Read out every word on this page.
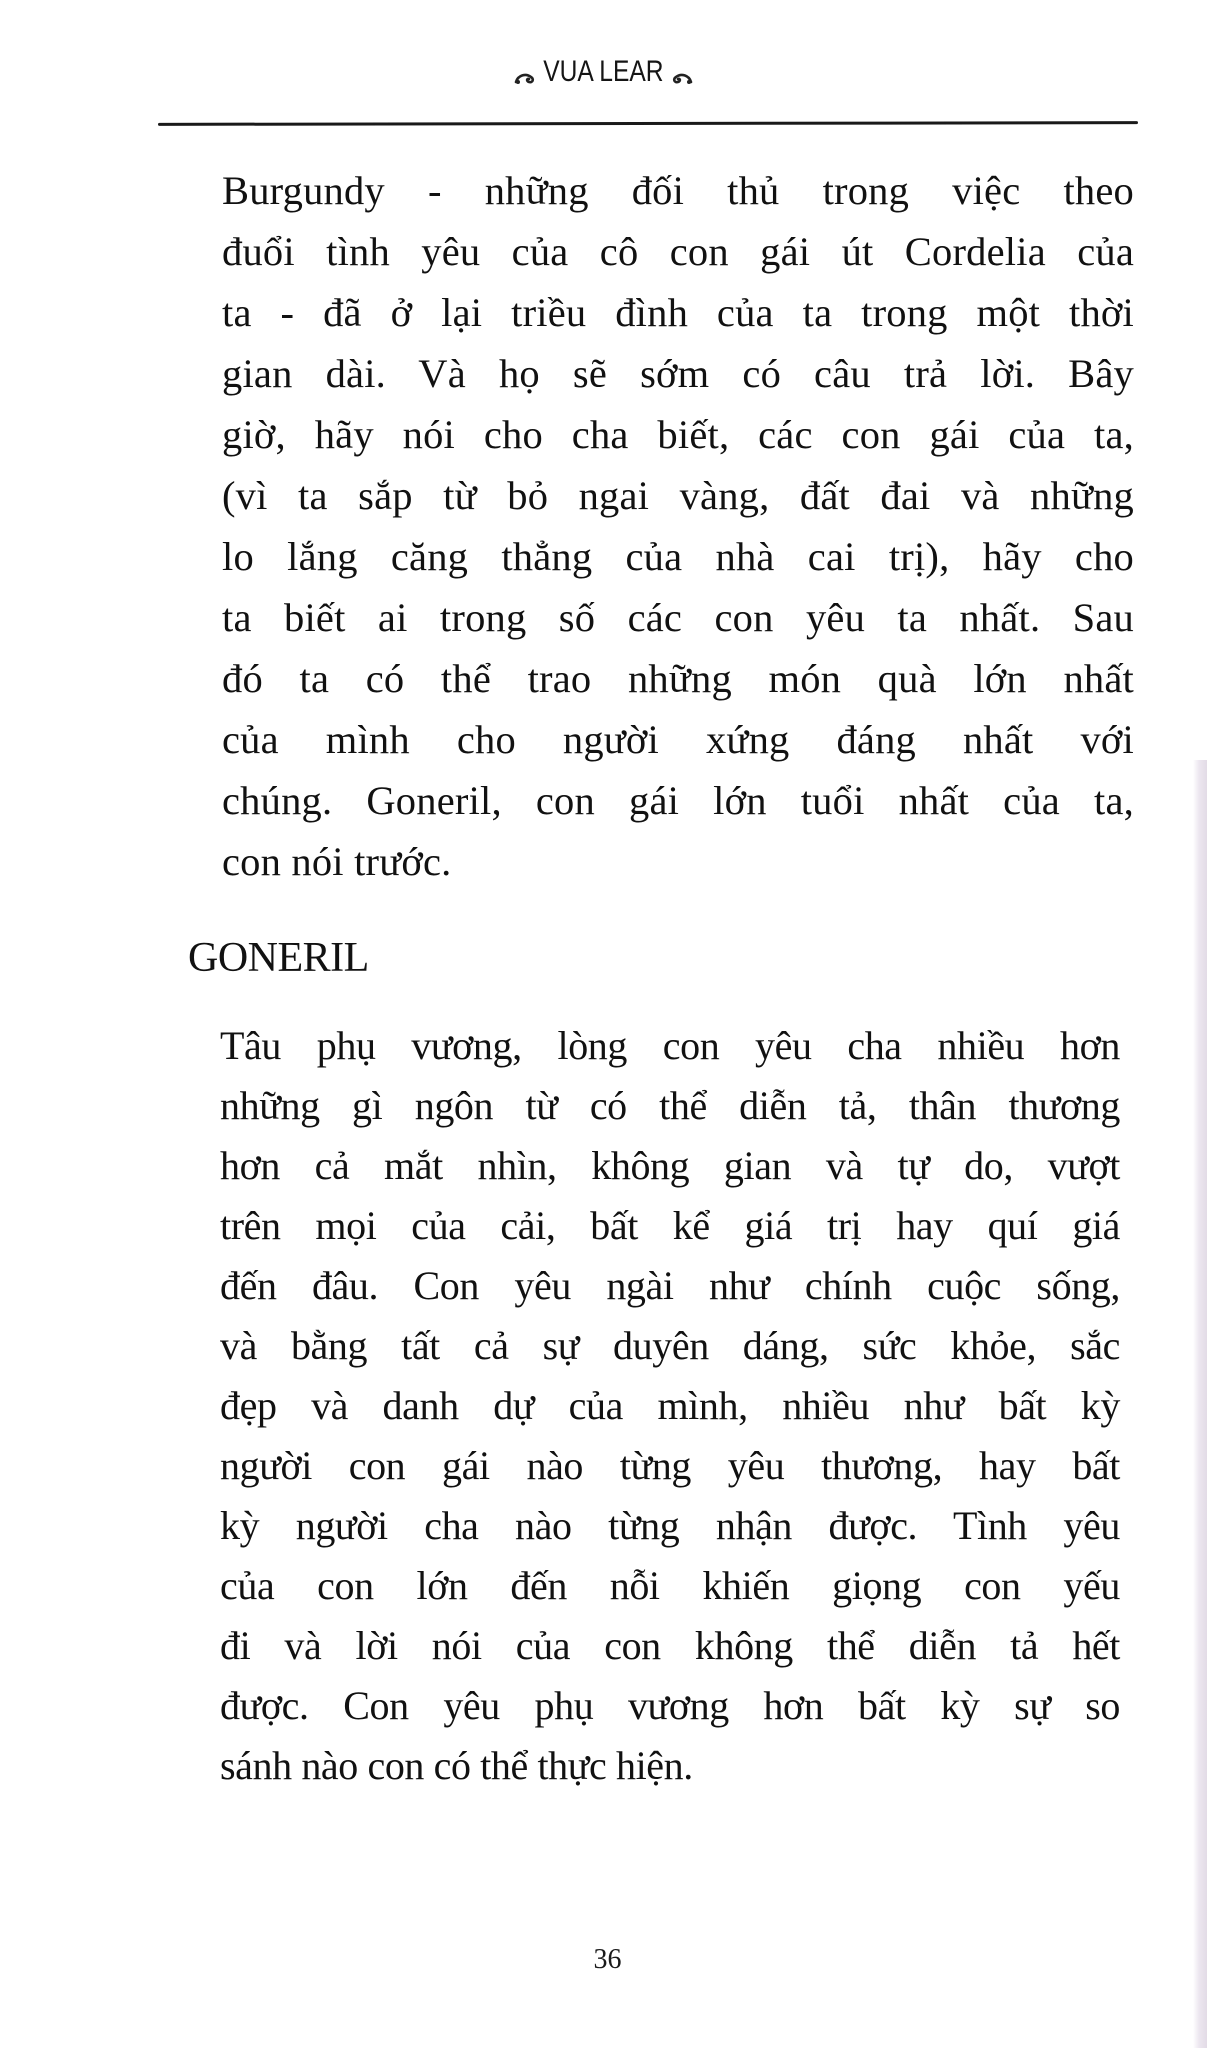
VUA LEAR
Burgundy - những đối thủ trong việc theo
đuổi tình yêu của cô con gái út Cordelia của
ta - đã ở lại triều đình của ta trong một thời
gian dài. Và họ sẽ sớm có câu trả lời. Bây
giờ, hãy nói cho cha biết, các con gái của ta,
(vì ta sắp từ bỏ ngai vàng, đất đai và những
lo lắng căng thẳng của nhà cai trị), hãy cho
ta biết ai trong số các con yêu ta nhất. Sau
đó ta có thể trao những món quà lớn nhất
của mình cho người xứng đáng nhất với
chúng. Goneril, con gái lớn tuổi nhất của ta,
con nói trước.
GONERIL
Tâu phụ vương, lòng con yêu cha nhiều hơn
những gì ngôn từ có thể diễn tả, thân thương
hơn cả mắt nhìn, không gian và tự do, vượt
trên mọi của cải, bất kể giá trị hay quí giá
đến đâu. Con yêu ngài như chính cuộc sống,
và bằng tất cả sự duyên dáng, sức khỏe, sắc
đẹp và danh dự của mình, nhiều như bất kỳ
người con gái nào từng yêu thương, hay bất
kỳ người cha nào từng nhận được. Tình yêu
của con lớn đến nỗi khiến giọng con yếu
đi và lời nói của con không thể diễn tả hết
được. Con yêu phụ vương hơn bất kỳ sự so
sánh nào con có thể thực hiện.
36
